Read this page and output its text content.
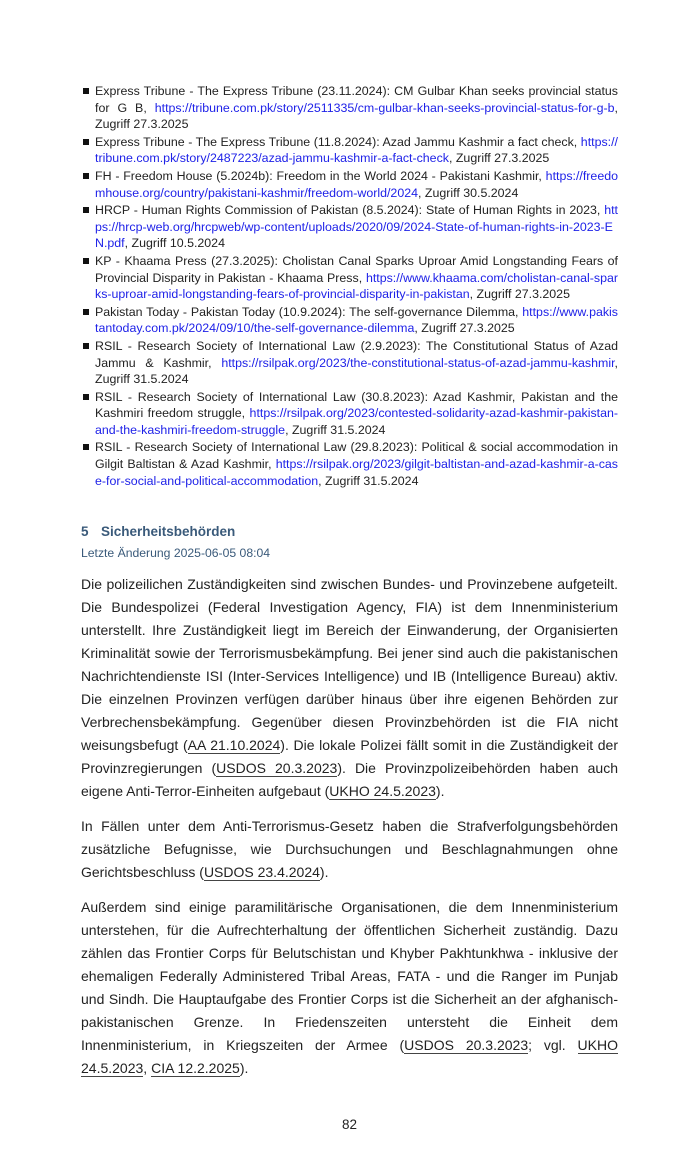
Express Tribune - The Express Tribune (23.11.2024): CM Gulbar Khan seeks provincial status for G B, https://tribune.com.pk/story/2511335/cm-gulbar-khan-seeks-provincial-status-for-g-b, Zugriff 27.3.2025
Express Tribune - The Express Tribune (11.8.2024): Azad Jammu Kashmir a fact check, https://tribune.com.pk/story/2487223/azad-jammu-kashmir-a-fact-check, Zugriff 27.3.2025
FH - Freedom House (5.2024b): Freedom in the World 2024 - Pakistani Kashmir, https://freedomhouse.org/country/pakistani-kashmir/freedom-world/2024, Zugriff 30.5.2024
HRCP - Human Rights Commission of Pakistan (8.5.2024): State of Human Rights in 2023, https://hrcp-web.org/hrcpweb/wp-content/uploads/2020/09/2024-State-of-human-rights-in-2023-EN.pdf, Zugriff 10.5.2024
KP - Khaama Press (27.3.2025): Cholistan Canal Sparks Uproar Amid Longstanding Fears of Provincial Disparity in Pakistan - Khaama Press, https://www.khaama.com/cholistan-canal-sparks-uproar-amid-longstanding-fears-of-provincial-disparity-in-pakistan, Zugriff 27.3.2025
Pakistan Today - Pakistan Today (10.9.2024): The self-governance Dilemma, https://www.pakistantoday.com.pk/2024/09/10/the-self-governance-dilemma, Zugriff 27.3.2025
RSIL - Research Society of International Law (2.9.2023): The Constitutional Status of Azad Jammu & Kashmir, https://rsilpak.org/2023/the-constitutional-status-of-azad-jammu-kashmir, Zugriff 31.5.2024
RSIL - Research Society of International Law (30.8.2023): Azad Kashmir, Pakistan and the Kashmiri freedom struggle, https://rsilpak.org/2023/contested-solidarity-azad-kashmir-pakistan-and-the-kashmiri-freedom-struggle, Zugriff 31.5.2024
RSIL - Research Society of International Law (29.8.2023): Political & social accommodation in Gilgit Baltistan & Azad Kashmir, https://rsilpak.org/2023/gilgit-baltistan-and-azad-kashmir-a-case-for-social-and-political-accommodation, Zugriff 31.5.2024
5 Sicherheitsbehörden
Letzte Änderung 2025-06-05 08:04

Die polizeilichen Zuständigkeiten sind zwischen Bundes- und Provinzebene aufgeteilt. Die Bundespolizei (Federal Investigation Agency, FIA) ist dem Innenministerium unterstellt. Ihre Zuständigkeit liegt im Bereich der Einwanderung, der Organisierten Kriminalität sowie der Terrorismusbekämpfung. Bei jener sind auch die pakistanischen Nachrichtendienste ISI (Inter-Services Intelligence) und IB (Intelligence Bureau) aktiv. Die einzelnen Provinzen verfügen darüber hinaus über ihre eigenen Behörden zur Verbrechensbekämpfung. Gegenüber diesen Provinzbehörden ist die FIA nicht weisungsbefugt (AA 21.10.2024). Die lokale Polizei fällt somit in die Zuständigkeit der Provinzregierungen (USDOS 20.3.2023). Die Provinzpolizeibehörden haben auch eigene Anti-Terror-Einheiten aufgebaut (UKHO 24.5.2023).

In Fällen unter dem Anti-Terrorismus-Gesetz haben die Strafverfolgungsbehörden zusätzliche Befugnisse, wie Durchsuchungen und Beschlagnahmungen ohne Gerichtsbeschluss (USDOS 23.4.2024).

Außerdem sind einige paramilitärische Organisationen, die dem Innenministerium unterstehen, für die Aufrechterhaltung der öffentlichen Sicherheit zuständig. Dazu zählen das Frontier Corps für Belutschistan und Khyber Pakhtunkhwa - inklusive der ehemaligen Federally Administered Tribal Areas, FATA - und die Ranger im Punjab und Sindh. Die Hauptaufgabe des Frontier Corps ist die Sicherheit an der afghanisch-pakistanischen Grenze. In Friedenszeiten untersteht die Einheit dem Innenministerium, in Kriegszeiten der Armee (USDOS 20.3.2023; vgl. UKHO 24.5.2023, CIA 12.2.2025).

82
